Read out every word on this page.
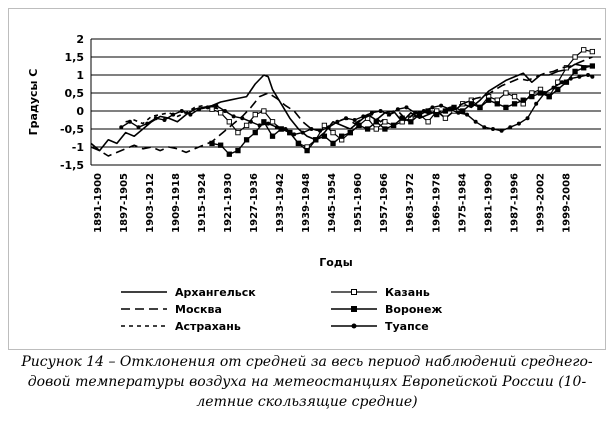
2
1,5
1
0,5
0
-0,5
-1
-1,5
Градусы С
1891-1900 1897-1905 1903-1912 1909-1918 1915-1924 1921-1930 1927-1936 1933-1942 1939-1948 1945-1954 1951-1960 1957-1966 1963-1972 1969-1978 1975-1984 1981-1990 1987-1996 1993-2002 1999-2008
Годы
Архангельск	Казань
Москва	Воронеж
Астрахань	Туапсе
Рисунок 14 – Отклонения от средней за весь период наблюдений среднего-довой температуры воздуха на метеостанциях Европейской России (10-летние скользящие средние)
